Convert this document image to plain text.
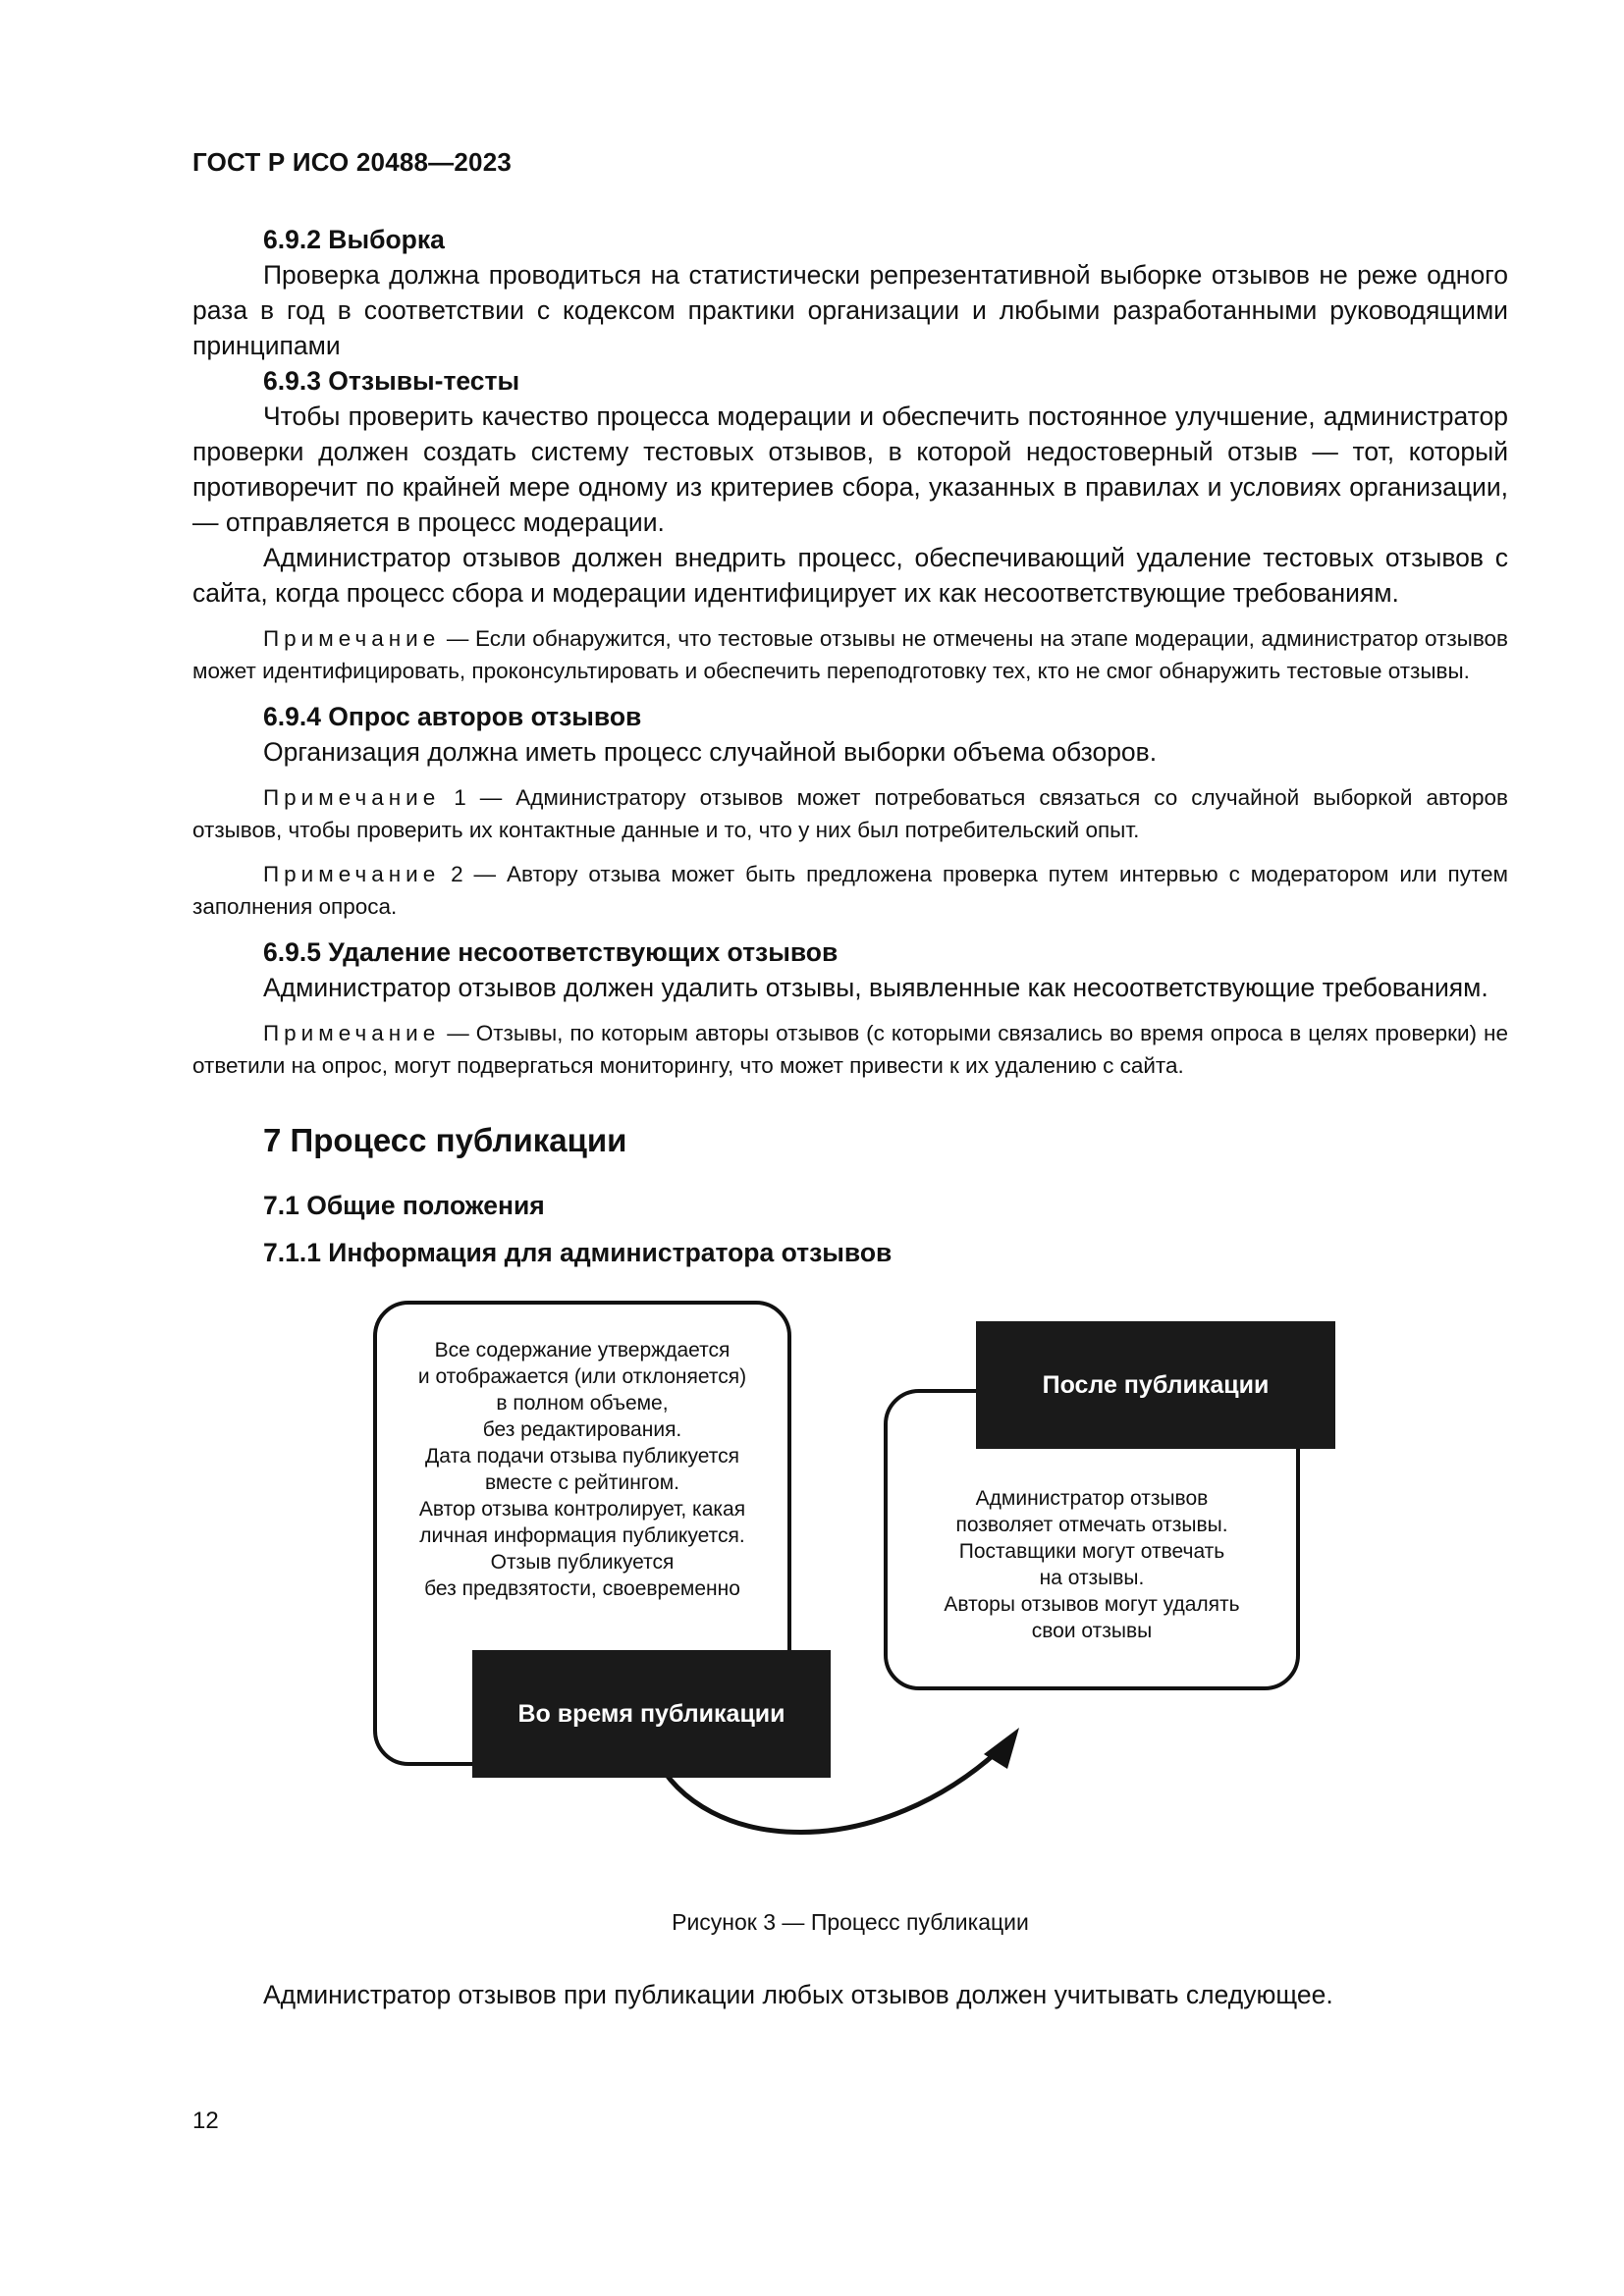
ГОСТ Р ИСО 20488—2023

6.9.2 Выборка

Проверка должна проводиться на статистически репрезентативной выборке отзывов не реже одного раза в год в соответствии с кодексом практики организации и любыми разработанными руководящими принципами

6.9.3 Отзывы-тесты

Чтобы проверить качество процесса модерации и обеспечить постоянное улучшение, администратор проверки должен создать систему тестовых отзывов, в которой недостоверный отзыв — тот, который противоречит по крайней мере одному из критериев сбора, указанных в правилах и условиях организации, — отправляется в процесс модерации.

Администратор отзывов должен внедрить процесс, обеспечивающий удаление тестовых отзывов с сайта, когда процесс сбора и модерации идентифицирует их как несоответствующие требованиям.

Примечание — Если обнаружится, что тестовые отзывы не отмечены на этапе модерации, администратор отзывов может идентифицировать, проконсультировать и обеспечить переподготовку тех, кто не смог обнаружить тестовые отзывы.

6.9.4 Опрос авторов отзывов

Организация должна иметь процесс случайной выборки объема обзоров.

Примечание 1 — Администратору отзывов может потребоваться связаться со случайной выборкой авторов отзывов, чтобы проверить их контактные данные и то, что у них был потребительский опыт.

Примечание 2 — Автору отзыва может быть предложена проверка путем интервью с модератором или путем заполнения опроса.

6.9.5 Удаление несоответствующих отзывов

Администратор отзывов должен удалить отзывы, выявленные как несоответствующие требованиям.

Примечание — Отзывы, по которым авторы отзывов (с которыми связались во время опроса в целях проверки) не ответили на опрос, могут подвергаться мониторингу, что может привести к их удалению с сайта.

7 Процесс публикации

7.1 Общие положения

7.1.1 Информация для администратора отзывов

Все содержание утверждается
и отображается (или отклоняется)
в полном объеме,
без редактирования.
Дата подачи отзыва публикуется
вместе с рейтингом.
Автор отзыва контролирует, какая
личная информация публикуется.
Отзыв публикуется
без предвзятости, своевременно
Во время публикации
После публикации
Администратор отзывов
позволяет отмечать отзывы.
Поставщики могут отвечать
на отзывы.
Авторы отзывов могут удалять
свои отзывы

Рисунок 3 — Процесс публикации

Администратор отзывов при публикации любых отзывов должен учитывать следующее.

12
